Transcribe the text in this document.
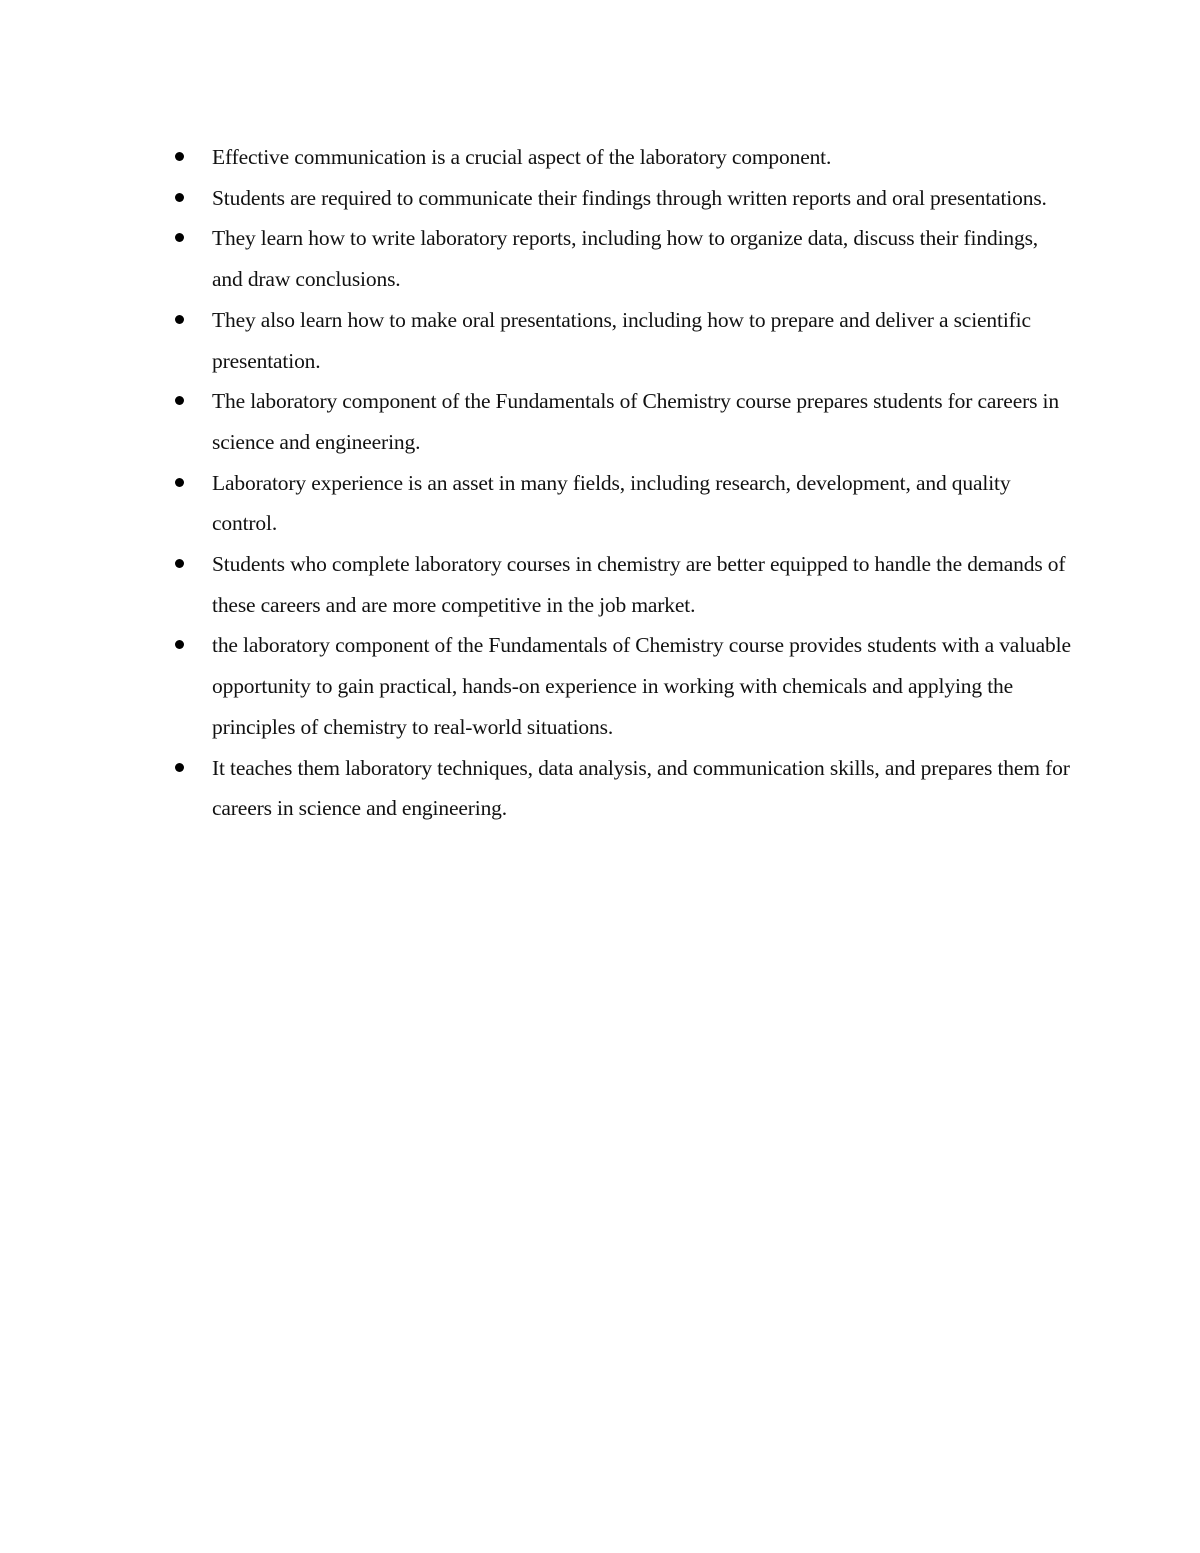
Effective communication is a crucial aspect of the laboratory component.
Students are required to communicate their findings through written reports and oral presentations.
They learn how to write laboratory reports, including how to organize data, discuss their findings, and draw conclusions.
They also learn how to make oral presentations, including how to prepare and deliver a scientific presentation.
The laboratory component of the Fundamentals of Chemistry course prepares students for careers in science and engineering.
Laboratory experience is an asset in many fields, including research, development, and quality control.
Students who complete laboratory courses in chemistry are better equipped to handle the demands of these careers and are more competitive in the job market.
the laboratory component of the Fundamentals of Chemistry course provides students with a valuable opportunity to gain practical, hands-on experience in working with chemicals and applying the principles of chemistry to real-world situations.
It teaches them laboratory techniques, data analysis, and communication skills, and prepares them for careers in science and engineering.
